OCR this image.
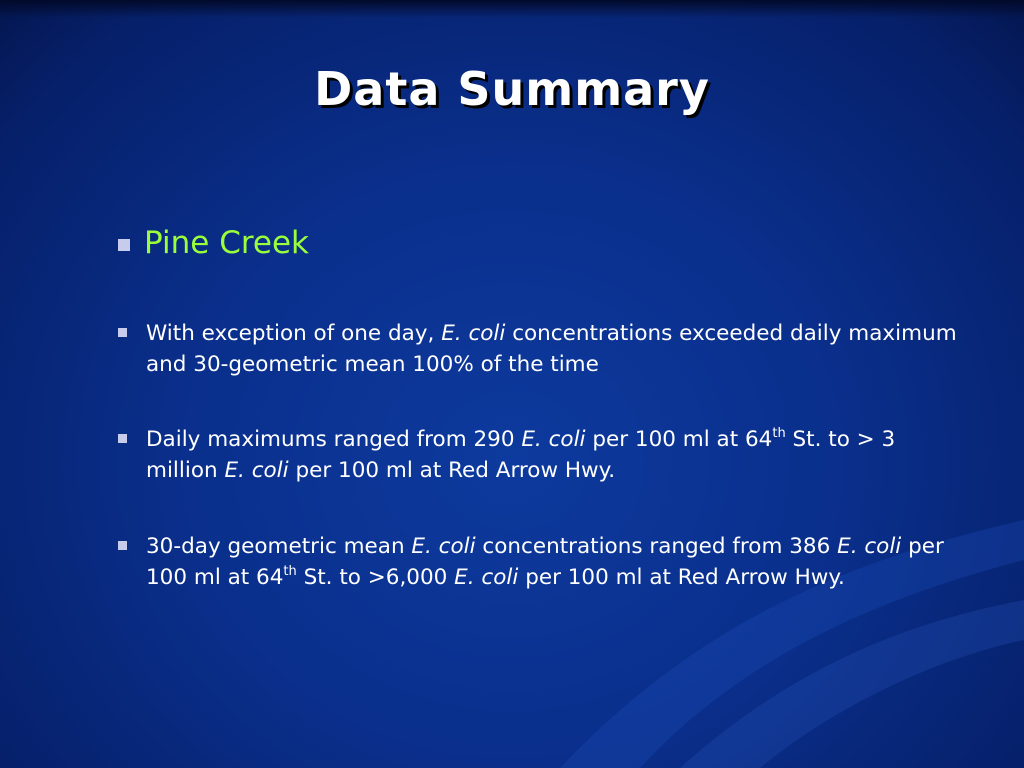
Data Summary
Pine Creek
With exception of one day, E. coli concentrations exceeded daily maximum and 30-geometric mean 100% of the time
Daily maximums ranged from 290 E. coli per 100 ml at 64th St. to > 3 million E. coli per 100 ml at Red Arrow Hwy.
30-day geometric mean E. coli concentrations ranged from 386 E. coli per 100 ml at 64th St. to >6,000 E. coli per 100 ml at Red Arrow Hwy.
